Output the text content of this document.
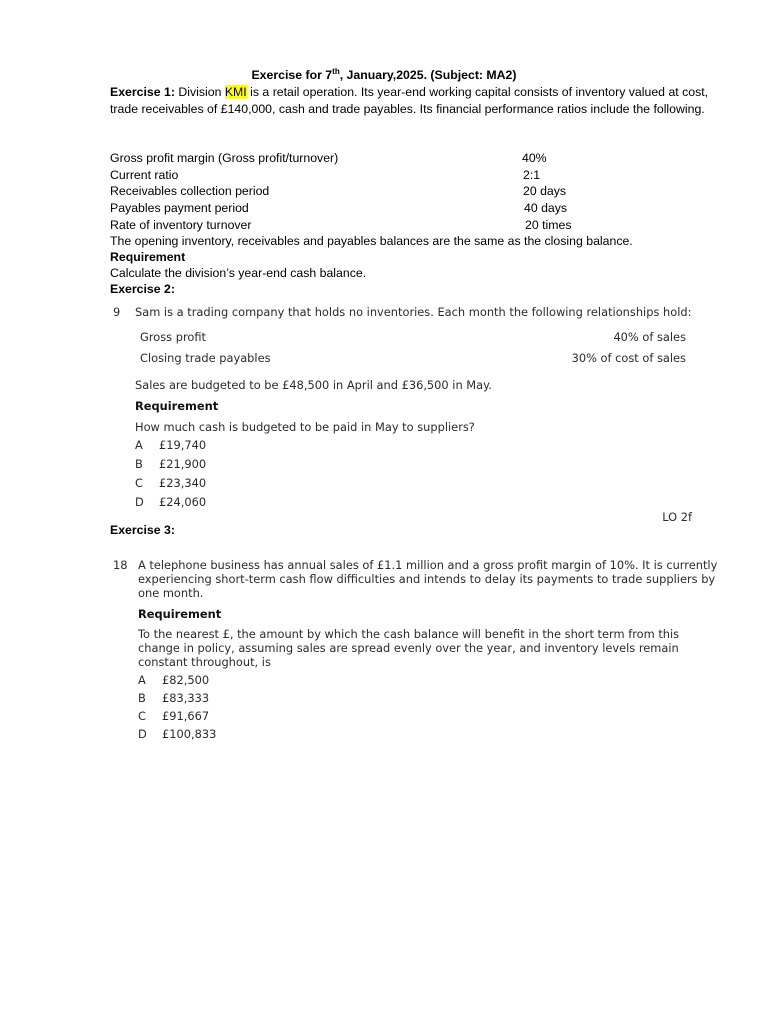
Exercise for 7th, January,2025. (Subject: MA2)
Exercise 1: Division KMI is a retail operation. Its year-end working capital consists of inventory valued at cost, trade receivables of £140,000, cash and trade payables. Its financial performance ratios include the following.
Gross profit margin (Gross profit/turnover)	40%
Current ratio	2:1
Receivables collection period	20 days
Payables payment period	40 days
Rate of inventory turnover	20 times
The opening inventory, receivables and payables balances are the same as the closing balance.
Requirement
Calculate the division’s year-end cash balance.
Exercise 2:
9 Sam is a trading company that holds no inventories. Each month the following relationships hold:
Gross profit	40% of sales
Closing trade payables	30% of cost of sales
Sales are budgeted to be £48,500 in April and £36,500 in May.
Requirement
How much cash is budgeted to be paid in May to suppliers?
A £19,740
B £21,900
C £23,340
D £24,060
LO 2f
Exercise 3:
18 A telephone business has annual sales of £1.1 million and a gross profit margin of 10%. It is currently
experiencing short-term cash flow difficulties and intends to delay its payments to trade suppliers by
one month.
Requirement
To the nearest £, the amount by which the cash balance will benefit in the short term from this
change in policy, assuming sales are spread evenly over the year, and inventory levels remain
constant throughout, is
A £82,500
B £83,333
C £91,667
D £100,833
